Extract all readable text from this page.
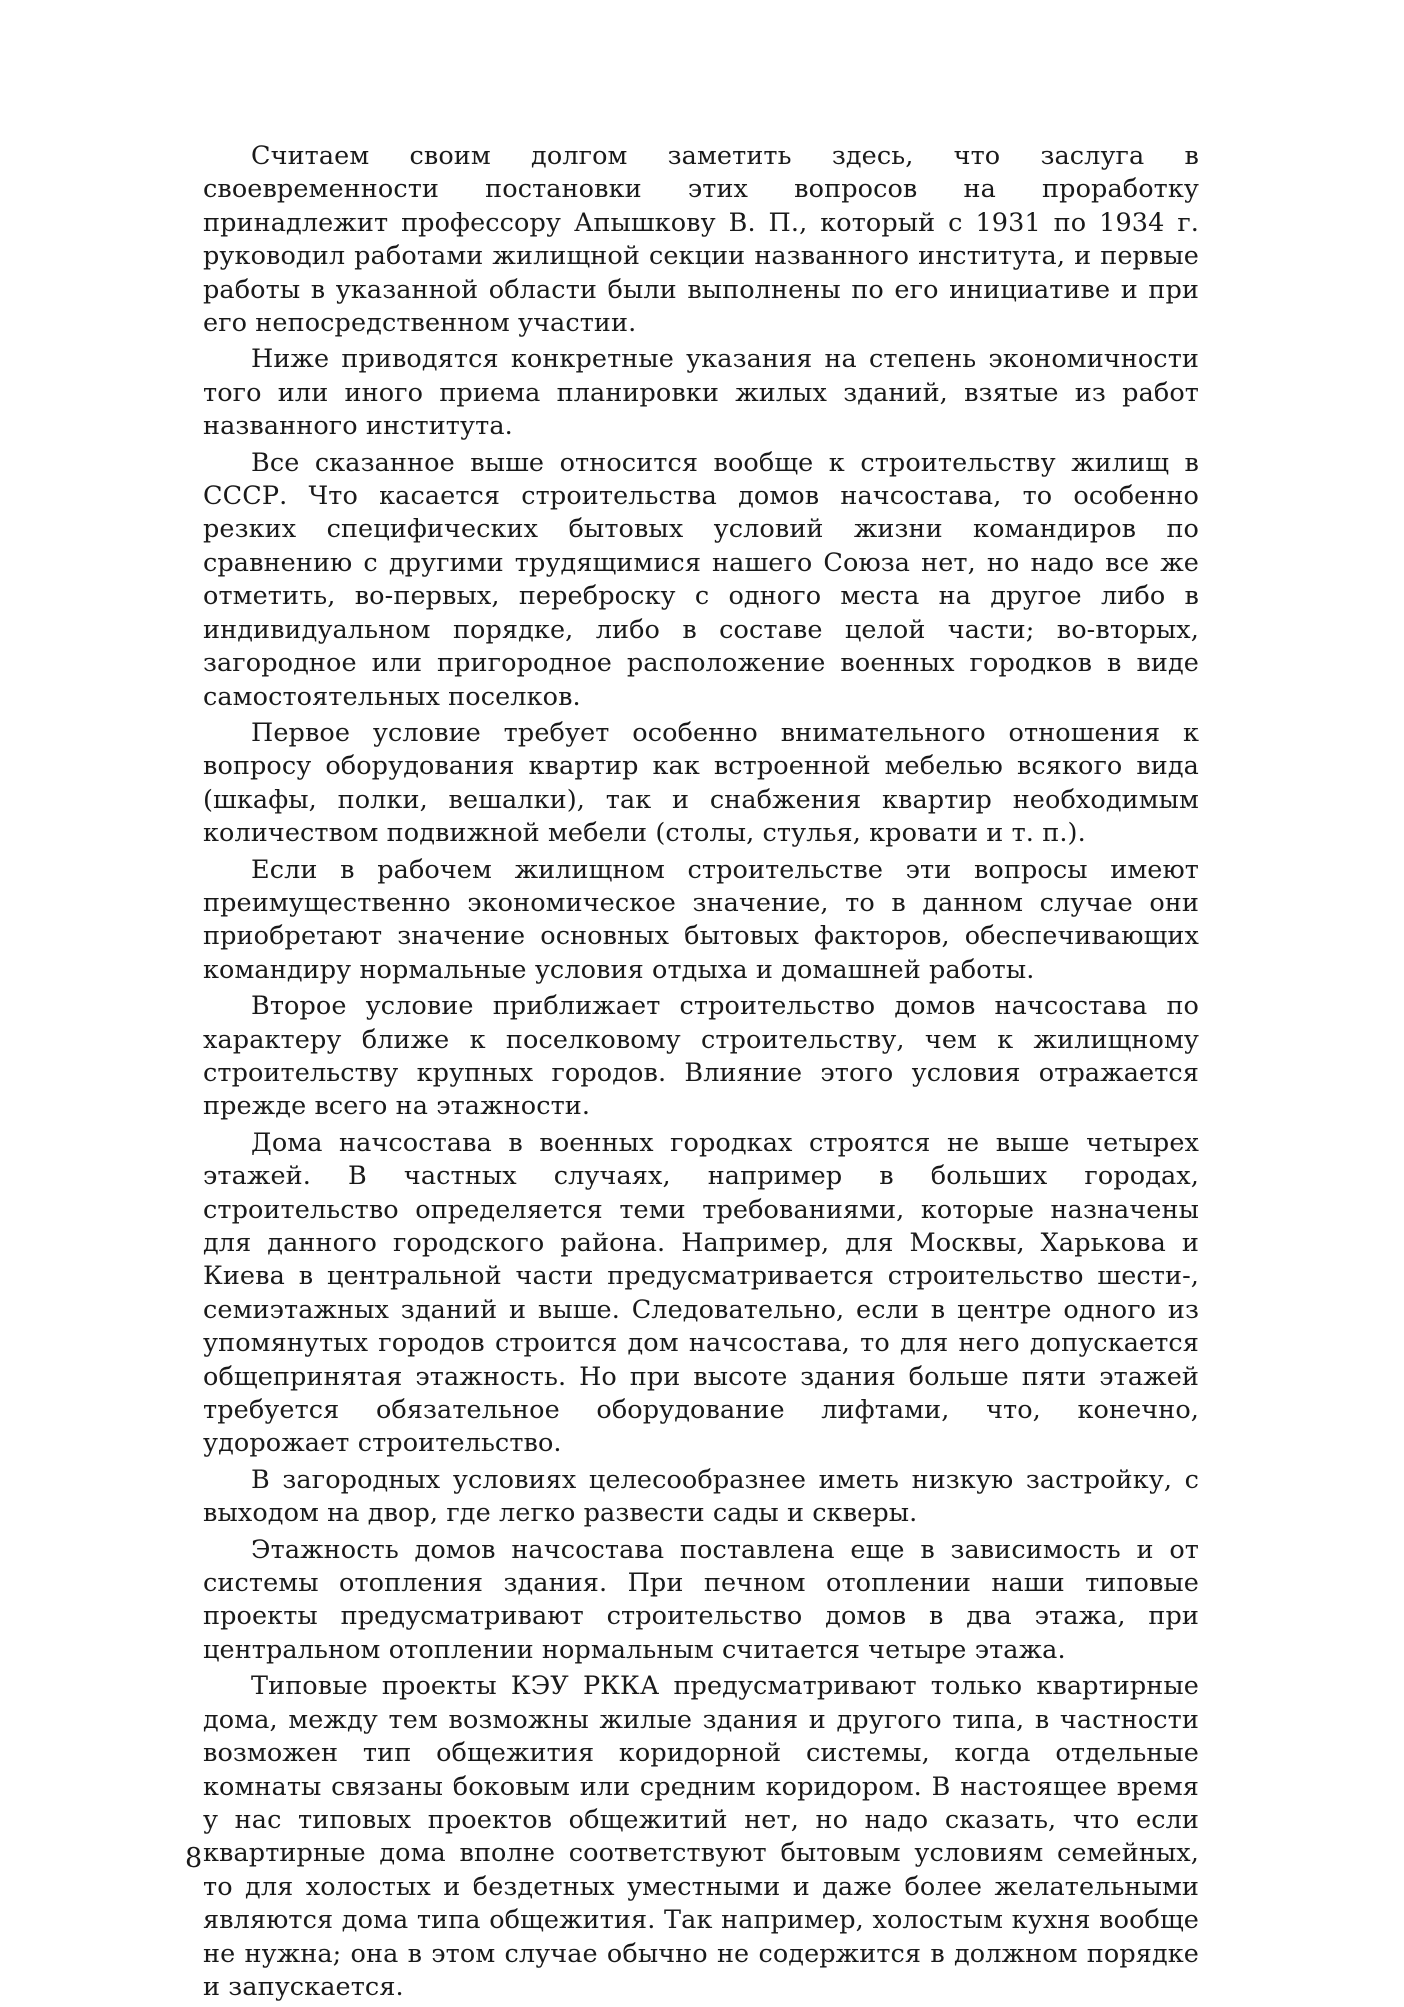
Считаем своим долгом заметить здесь, что заслуга в своевременности постановки этих вопросов на проработку принадлежит профессору Апышкову В. П., который с 1931 по 1934 г. руководил работами жилищной секции названного института, и первые работы в указанной области были выполнены по его инициативе и при его непосредственном участии.

Ниже приводятся конкретные указания на степень экономичности того или иного приема планировки жилых зданий, взятые из работ названного института.

Все сказанное выше относится вообще к строительству жилищ в СССР. Что касается строительства домов начсостава, то особенно резких специфических бытовых условий жизни командиров по сравнению с другими трудящимися нашего Союза нет, но надо все же отметить, во-первых, переброску с одного места на другое либо в индивидуальном порядке, либо в составе целой части; во-вторых, загородное или пригородное расположение военных городков в виде самостоятельных поселков.

Первое условие требует особенно внимательного отношения к вопросу оборудования квартир как встроенной мебелью всякого вида (шкафы, полки, вешалки), так и снабжения квартир необходимым количеством подвижной мебели (столы, стулья, кровати и т. п.).

Если в рабочем жилищном строительстве эти вопросы имеют преимущественно экономическое значение, то в данном случае они приобретают значение основных бытовых факторов, обеспечивающих командиру нормальные условия отдыха и домашней работы.

Второе условие приближает строительство домов начсостава по характеру ближе к поселковому строительству, чем к жилищному строительству крупных городов. Влияние этого условия отражается прежде всего на этажности.

Дома начсостава в военных городках строятся не выше четырех этажей. В частных случаях, например в больших городах, строительство определяется теми требованиями, которые назначены для данного городского района. Например, для Москвы, Харькова и Киева в центральной части предусматривается строительство шести-, семиэтажных зданий и выше. Следовательно, если в центре одного из упомянутых городов строится дом начсостава, то для него допускается общепринятая этажность. Но при высоте здания больше пяти этажей требуется обязательное оборудование лифтами, что, конечно, удорожает строительство.

В загородных условиях целесообразнее иметь низкую застройку, с выходом на двор, где легко развести сады и скверы.

Этажность домов начсостава поставлена еще в зависимость и от системы отопления здания. При печном отоплении наши типовые проекты предусматривают строительство домов в два этажа, при центральном отоплении нормальным считается четыре этажа.

Типовые проекты КЭУ РККА предусматривают только квартирные дома, между тем возможны жилые здания и другого типа, в частности возможен тип общежития коридорной системы, когда отдельные комнаты связаны боковым или средним коридором. В настоящее время у нас типовых проектов общежитий нет, но надо сказать, что если квартирные дома вполне соответствуют бытовым условиям семейных, то для холостых и бездетных уместными и даже более желательными являются дома типа общежития. Так например, холостым кухня вообще не нужна; она в этом случае обычно не содержится в должном порядке и запускается.

8
